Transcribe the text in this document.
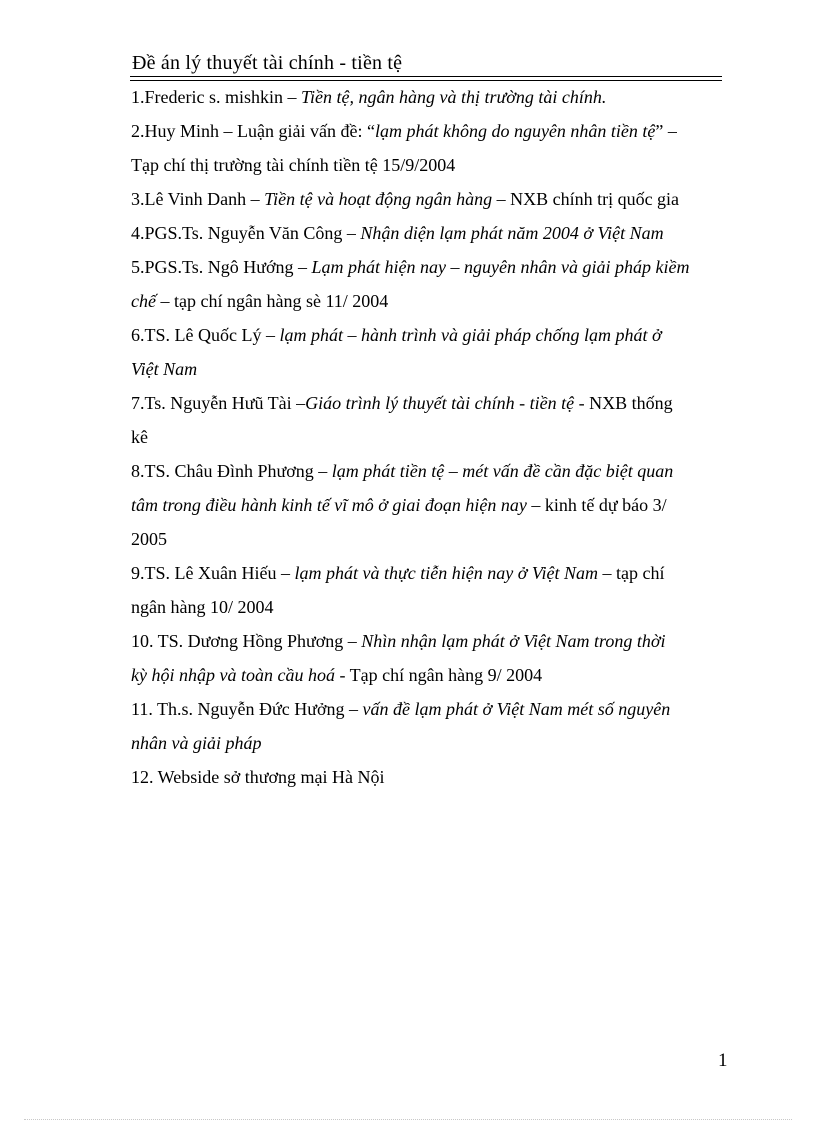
Đề án lý thuyết tài chính - tiền tệ
1.Frederic s. mishkin – Tiền tệ, ngân hàng và thị trường tài chính.
2.Huy Minh – Luận giải vấn đề: “lạm phát không do nguyên nhân tiền tệ” –
Tạp chí thị trường tài chính tiền tệ 15/9/2004
3.Lê Vinh Danh – Tiền tệ và hoạt động ngân hàng – NXB chính trị quốc gia
4.PGS.Ts. Nguyễn Văn Công – Nhận diện lạm phát năm 2004 ở Việt Nam
5.PGS.Ts. Ngô Hướng – Lạm phát hiện nay – nguyên nhân và giải pháp kiềm
chế – tạp chí ngân hàng sè 11/ 2004
6.TS. Lê Quốc Lý – lạm phát – hành trình và giải pháp chống lạm phát ở
Việt Nam
7.Ts. Nguyễn Hưũ Tài –Giáo trình lý thuyết tài chính - tiền tệ - NXB thống
kê
8.TS. Châu Đình Phương – lạm phát tiền tệ – mét vấn đề cần đặc biệt quan
tâm trong điều hành kinh tế vĩ mô ở giai đoạn hiện nay – kinh tế dự báo 3/
2005
9.TS. Lê Xuân Hiếu – lạm phát và thực tiễn hiện nay ở Việt Nam – tạp chí
ngân hàng 10/ 2004
10. TS. Dương Hồng Phương – Nhìn nhận lạm phát ở Việt Nam trong thời
kỳ hội nhập và toàn cầu hoá - Tạp chí ngân hàng 9/ 2004
11. Th.s. Nguyễn Đức Hưởng – vấn đề lạm phát ở Việt Nam mét số nguyên
nhân và giải pháp
12. Webside sở thương mại Hà Nội
1
